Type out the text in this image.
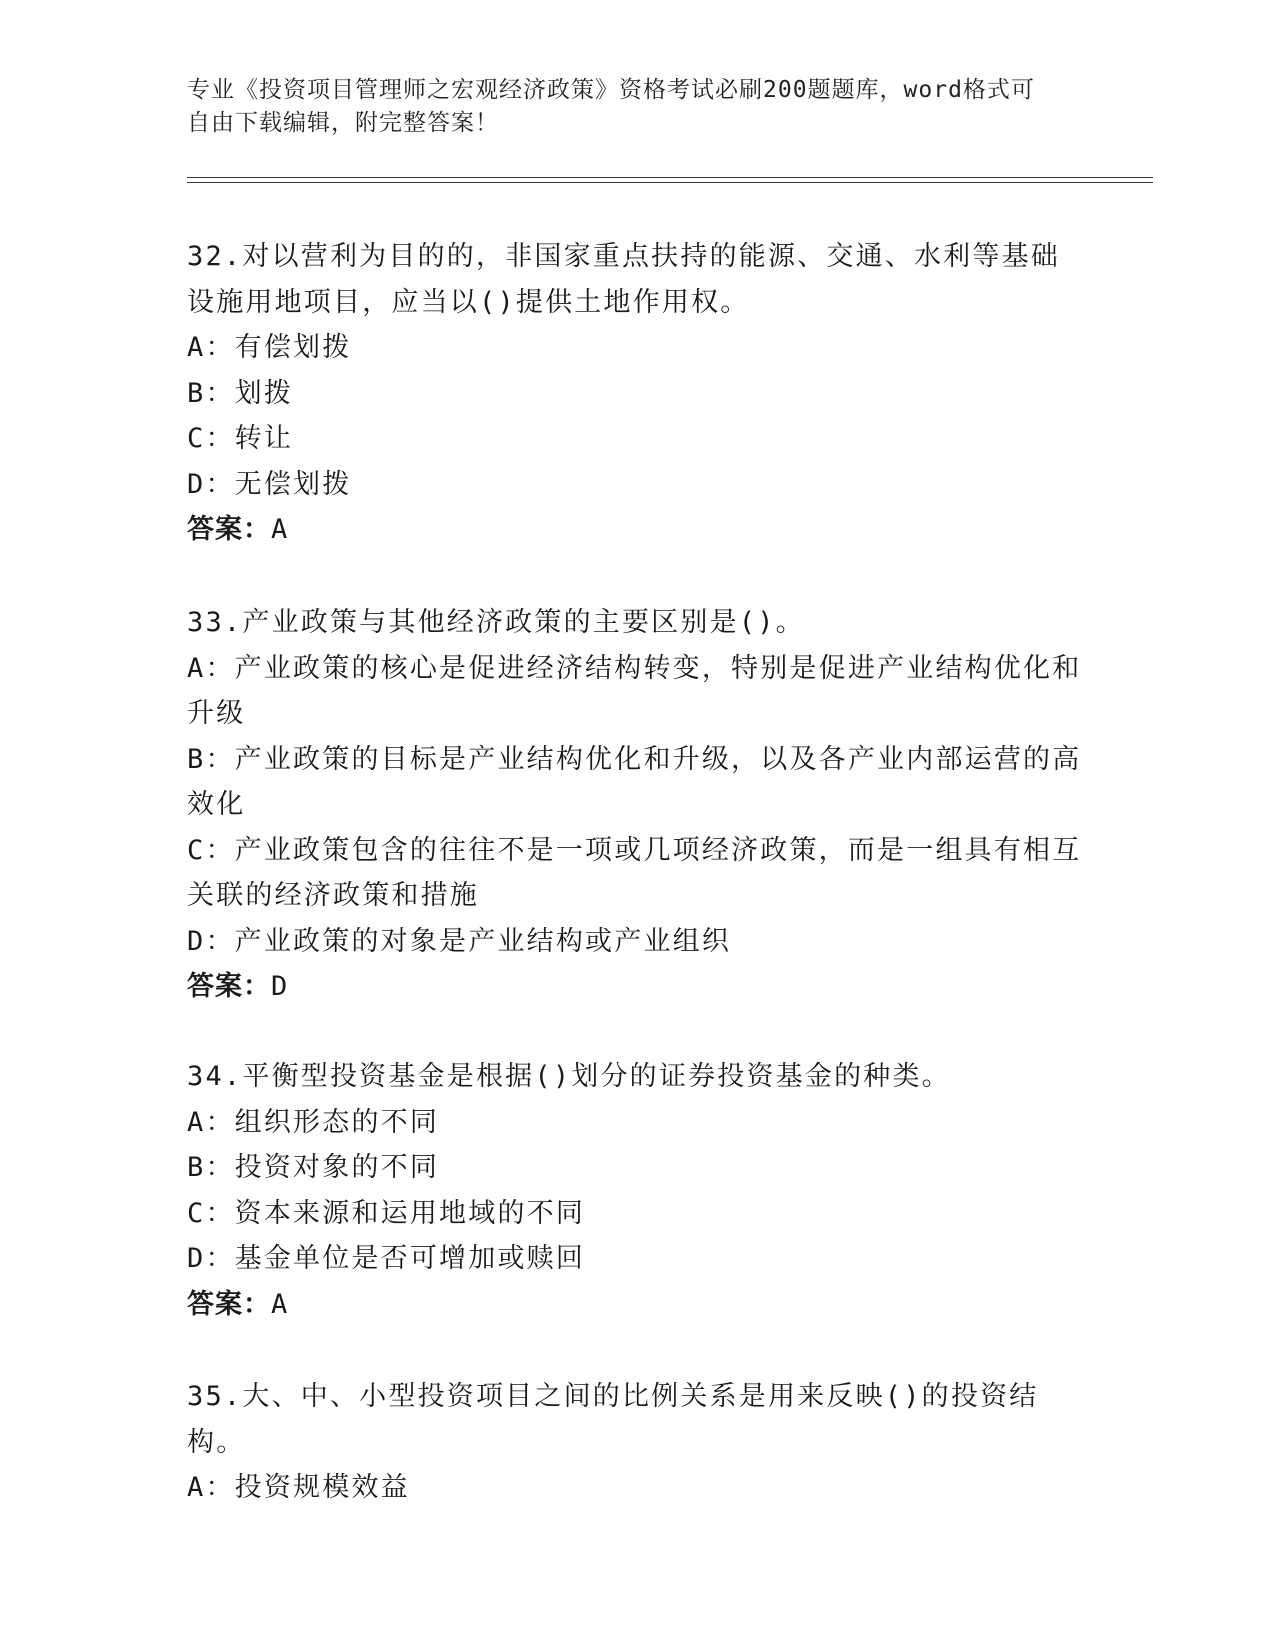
专业《投资项目管理师之宏观经济政策》资格考试必刷200题题库，word格式可
自由下载编辑，附完整答案！
32.对以营利为目的的，非国家重点扶持的能源、交通、水利等基础设施用地项目，应当以()提供土地作用权。
A：有偿划拨
B：划拨
C：转让
D：无偿划拨
答案：A
33.产业政策与其他经济政策的主要区别是()。
A：产业政策的核心是促进经济结构转变，特别是促进产业结构优化和升级
B：产业政策的目标是产业结构优化和升级，以及各产业内部运营的高效化
C：产业政策包含的往往不是一项或几项经济政策，而是一组具有相互关联的经济政策和措施
D：产业政策的对象是产业结构或产业组织
答案：D
34.平衡型投资基金是根据()划分的证券投资基金的种类。
A：组织形态的不同
B：投资对象的不同
C：资本来源和运用地域的不同
D：基金单位是否可增加或赎回
答案：A
35.大、中、小型投资项目之间的比例关系是用来反映()的投资结构。
A：投资规模效益
